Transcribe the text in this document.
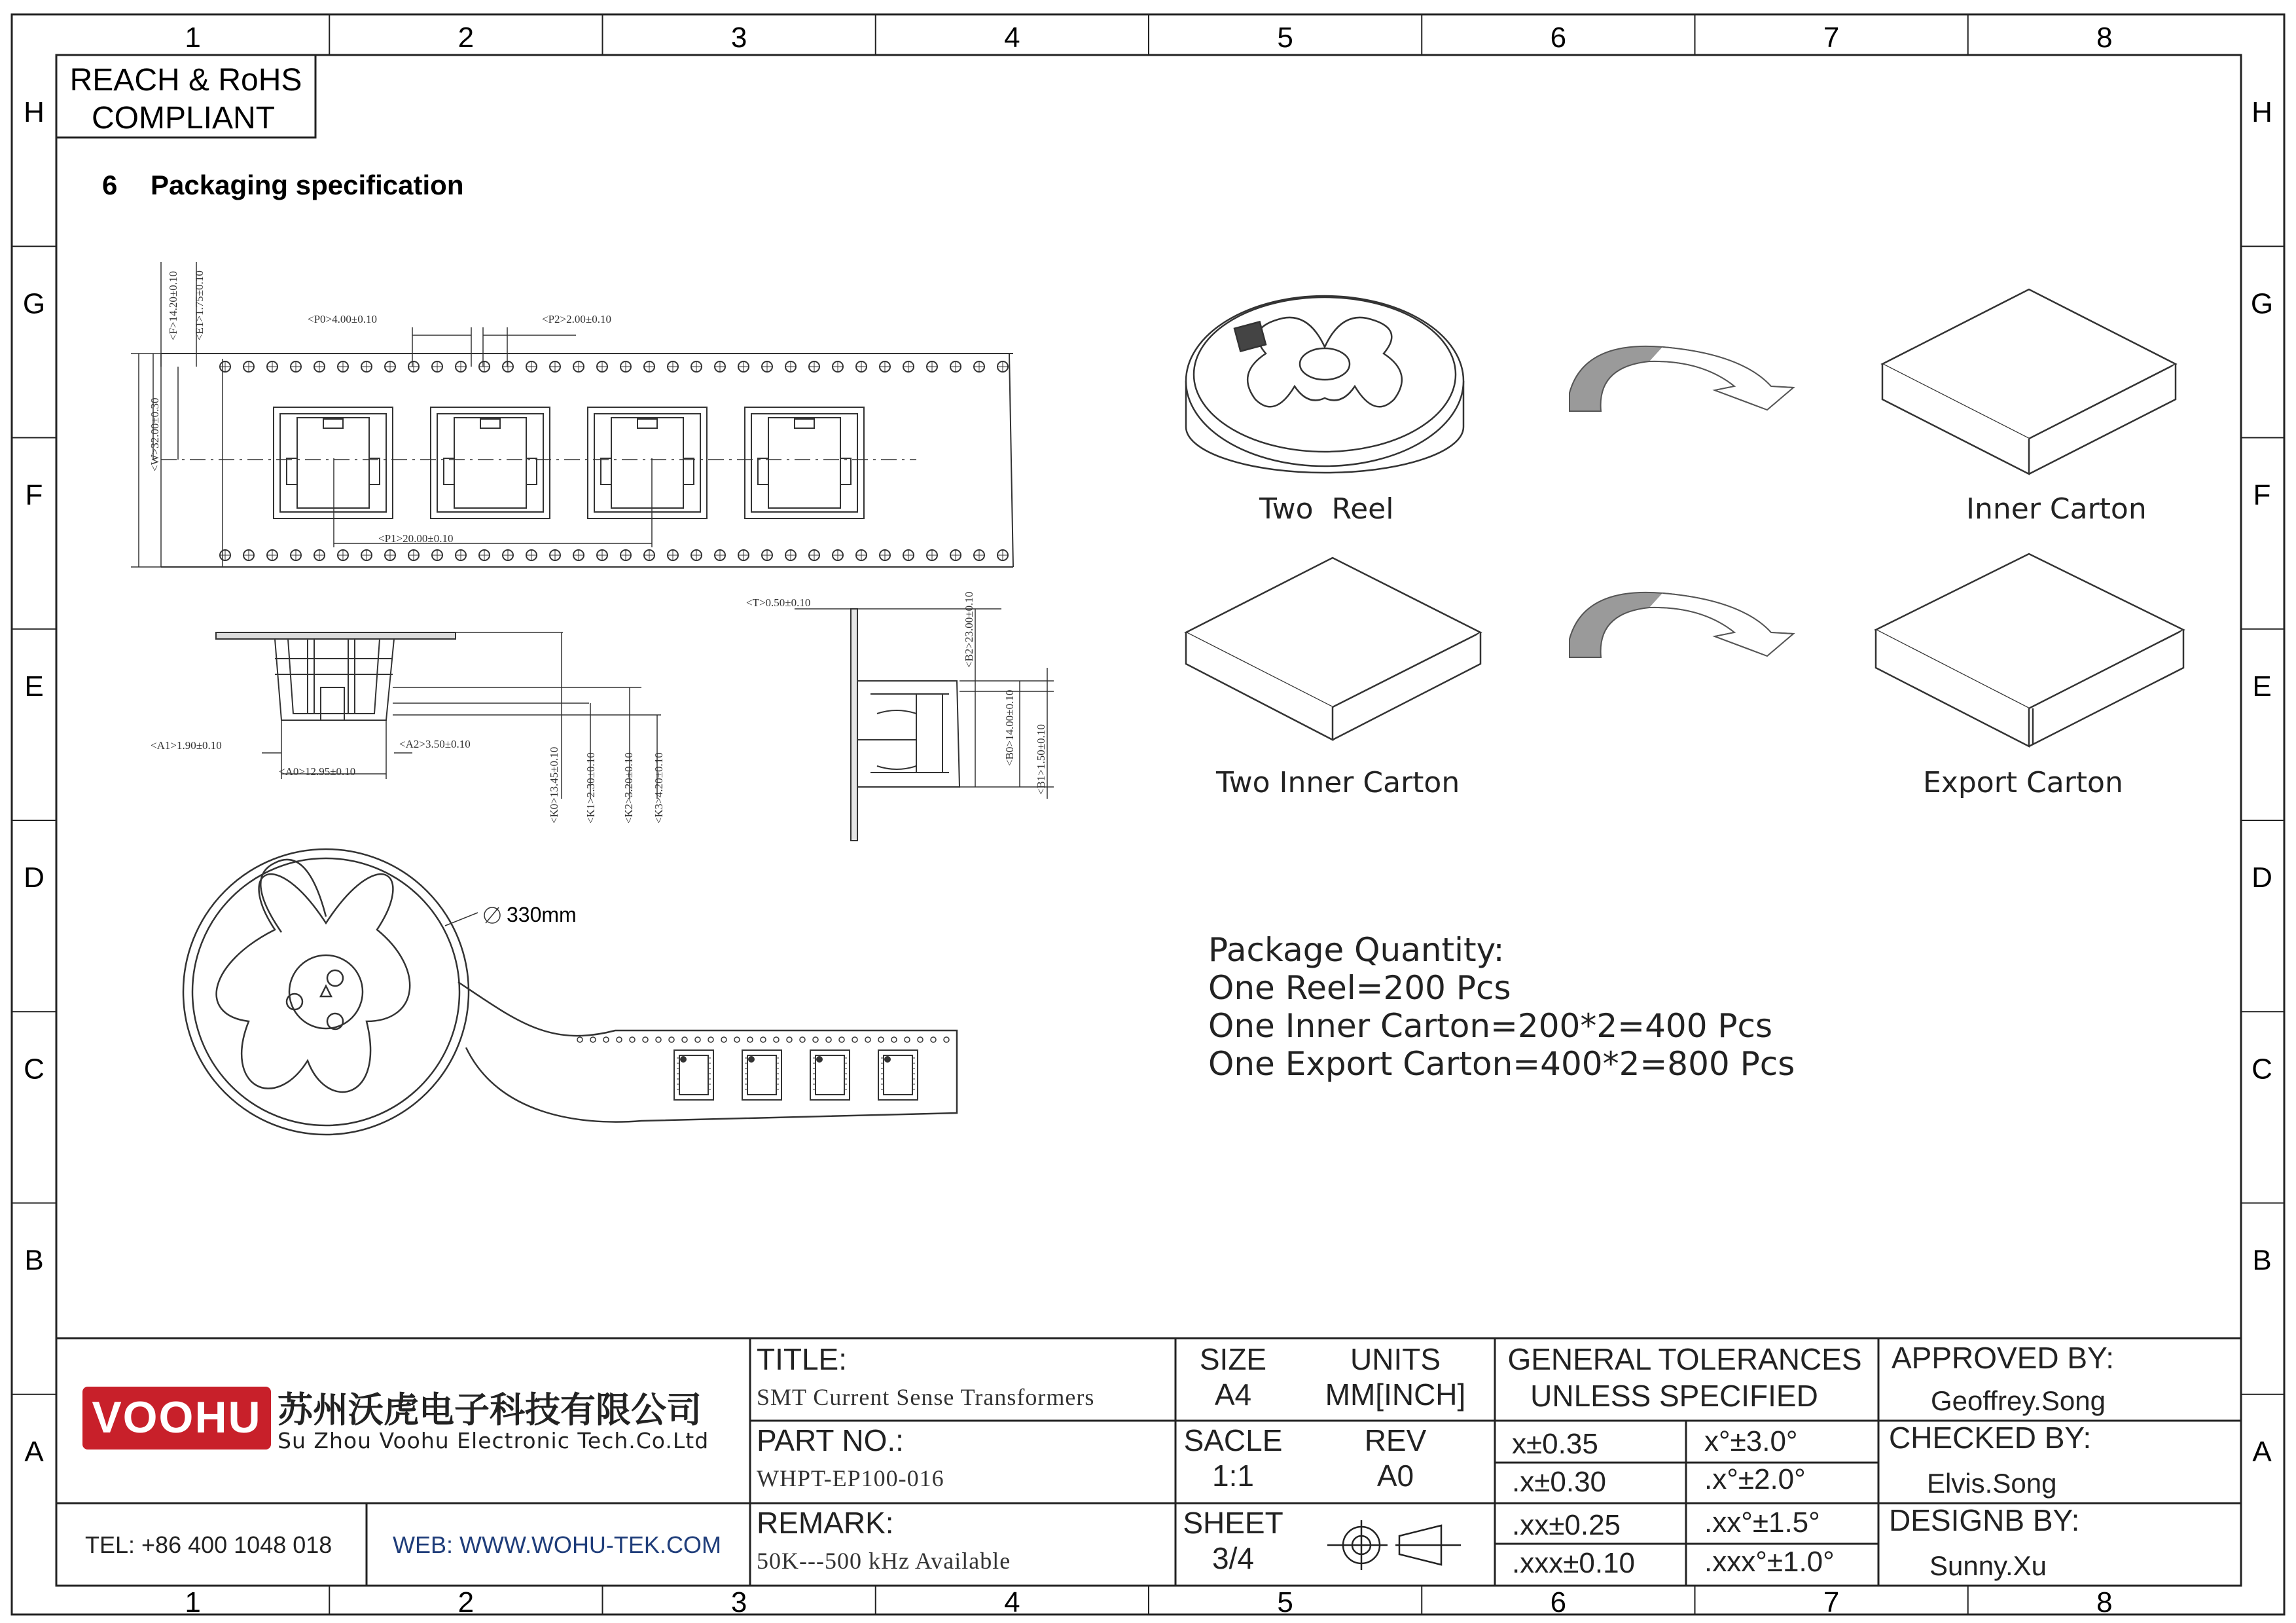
1
1
2
2
3
3
4
4
5
5
6
6
7
7
8
8
H	H
G	G
F	F
E	E
D	D
C	C
B	B
A	A
REACH & RoHS
COMPLIANT
6 Packaging specification
<P0>4.00±0.10	<P2>2.00±0.10
<P1>20.00±0.10
<F>14.20±0.10 <E1>1.75±0.10
<W>32.00±0.30
<A1>1.90±0.10
<A0>12.95±0.10
<A2>3.50±0.10
<K0>13.45±0.10 <K1>2.30±0.10 <K2>3.20±0.10 <K3>4.20±0.10
<T>0.50±0.10	<B2>23.00±0.10
<B0>14.00±0.10 <B1>1.50±0.10
330mm
Two  Reel	Inner Carton
Two Inner Carton	Export Carton
Package Quantity:
One Reel=200 Pcs
One Inner Carton=200*2=400 Pcs
One Export Carton=400*2=800 Pcs
VOOHU 苏州沃虎电子科技有限公司
Su Zhou Voohu Electronic Tech.Co.Ltd
TEL: +86 400 1048 018	WEB: WWW.WOHU-TEK.COM
TITLE:
PART NO.:
REMARK:
SMT Current Sense Transformers
WHPT-EP100-016
50K---500 kHz Available
SIZE
A4
UNITS
MM[INCH]
SACLE
1:1
REV
A0
SHEET
3/4
GENERAL TOLERANCES
UNLESS SPECIFIED
x±0.35	x°±3.0°
.x±0.30	.x°±2.0°
.xx±0.25	.xx°±1.5°
.xxx±0.10 .xxx°±1.0°
APPROVED BY:
CHECKED BY:
DESIGNB BY:
Geoffrey.Song
Elvis.Song
Sunny.Xu
